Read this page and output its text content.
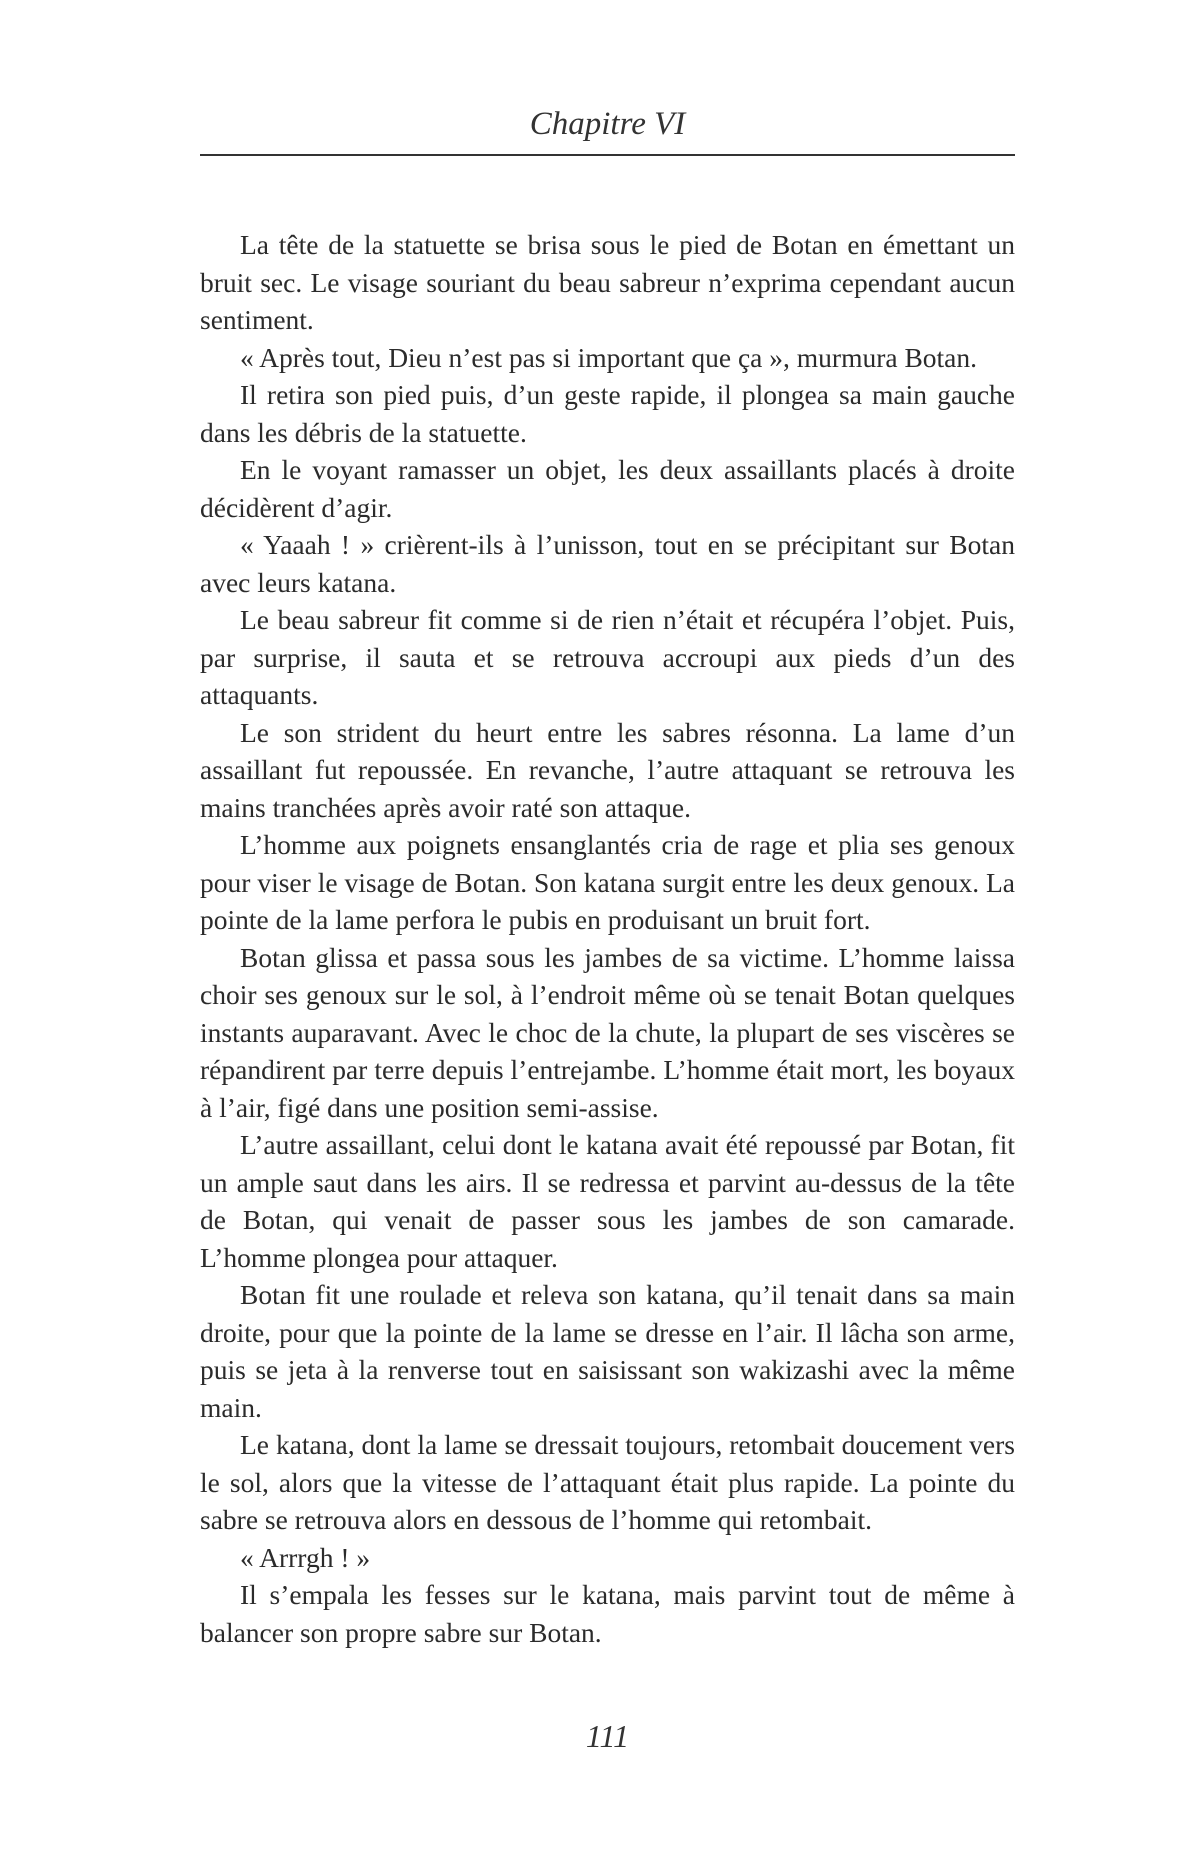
Chapitre VI

La tête de la statuette se brisa sous le pied de Botan en émettant un bruit sec. Le visage souriant du beau sabreur n’exprima cependant aucun sentiment.

« Après tout, Dieu n’est pas si important que ça », murmura Botan.

Il retira son pied puis, d’un geste rapide, il plongea sa main gauche dans les débris de la statuette.

En le voyant ramasser un objet, les deux assaillants placés à droite décidèrent d’agir.

« Yaaah ! » crièrent-ils à l’unisson, tout en se précipitant sur Botan avec leurs katana.

Le beau sabreur fit comme si de rien n’était et récupéra l’objet. Puis, par surprise, il sauta et se retrouva accroupi aux pieds d’un des attaquants.

Le son strident du heurt entre les sabres résonna. La lame d’un assaillant fut repoussée. En revanche, l’autre attaquant se retrouva les mains tranchées après avoir raté son attaque.

L’homme aux poignets ensanglantés cria de rage et plia ses genoux pour viser le visage de Botan. Son katana surgit entre les deux genoux. La pointe de la lame perfora le pubis en produisant un bruit fort.

Botan glissa et passa sous les jambes de sa victime. L’homme laissa choir ses genoux sur le sol, à l’endroit même où se tenait Botan quelques instants auparavant. Avec le choc de la chute, la plupart de ses viscères se répandirent par terre depuis l’entrejambe. L’homme était mort, les boyaux à l’air, figé dans une position semi-assise.

L’autre assaillant, celui dont le katana avait été repoussé par Botan, fit un ample saut dans les airs. Il se redressa et parvint au-dessus de la tête de Botan, qui venait de passer sous les jambes de son camarade. L’homme plongea pour attaquer.

Botan fit une roulade et releva son katana, qu’il tenait dans sa main droite, pour que la pointe de la lame se dresse en l’air. Il lâcha son arme, puis se jeta à la renverse tout en saisissant son wakizashi avec la même main.

Le katana, dont la lame se dressait toujours, retombait doucement vers le sol, alors que la vitesse de l’attaquant était plus rapide. La pointe du sabre se retrouva alors en dessous de l’homme qui retombait.

« Arrrgh ! »

Il s’empala les fesses sur le katana, mais parvint tout de même à balancer son propre sabre sur Botan.

111
